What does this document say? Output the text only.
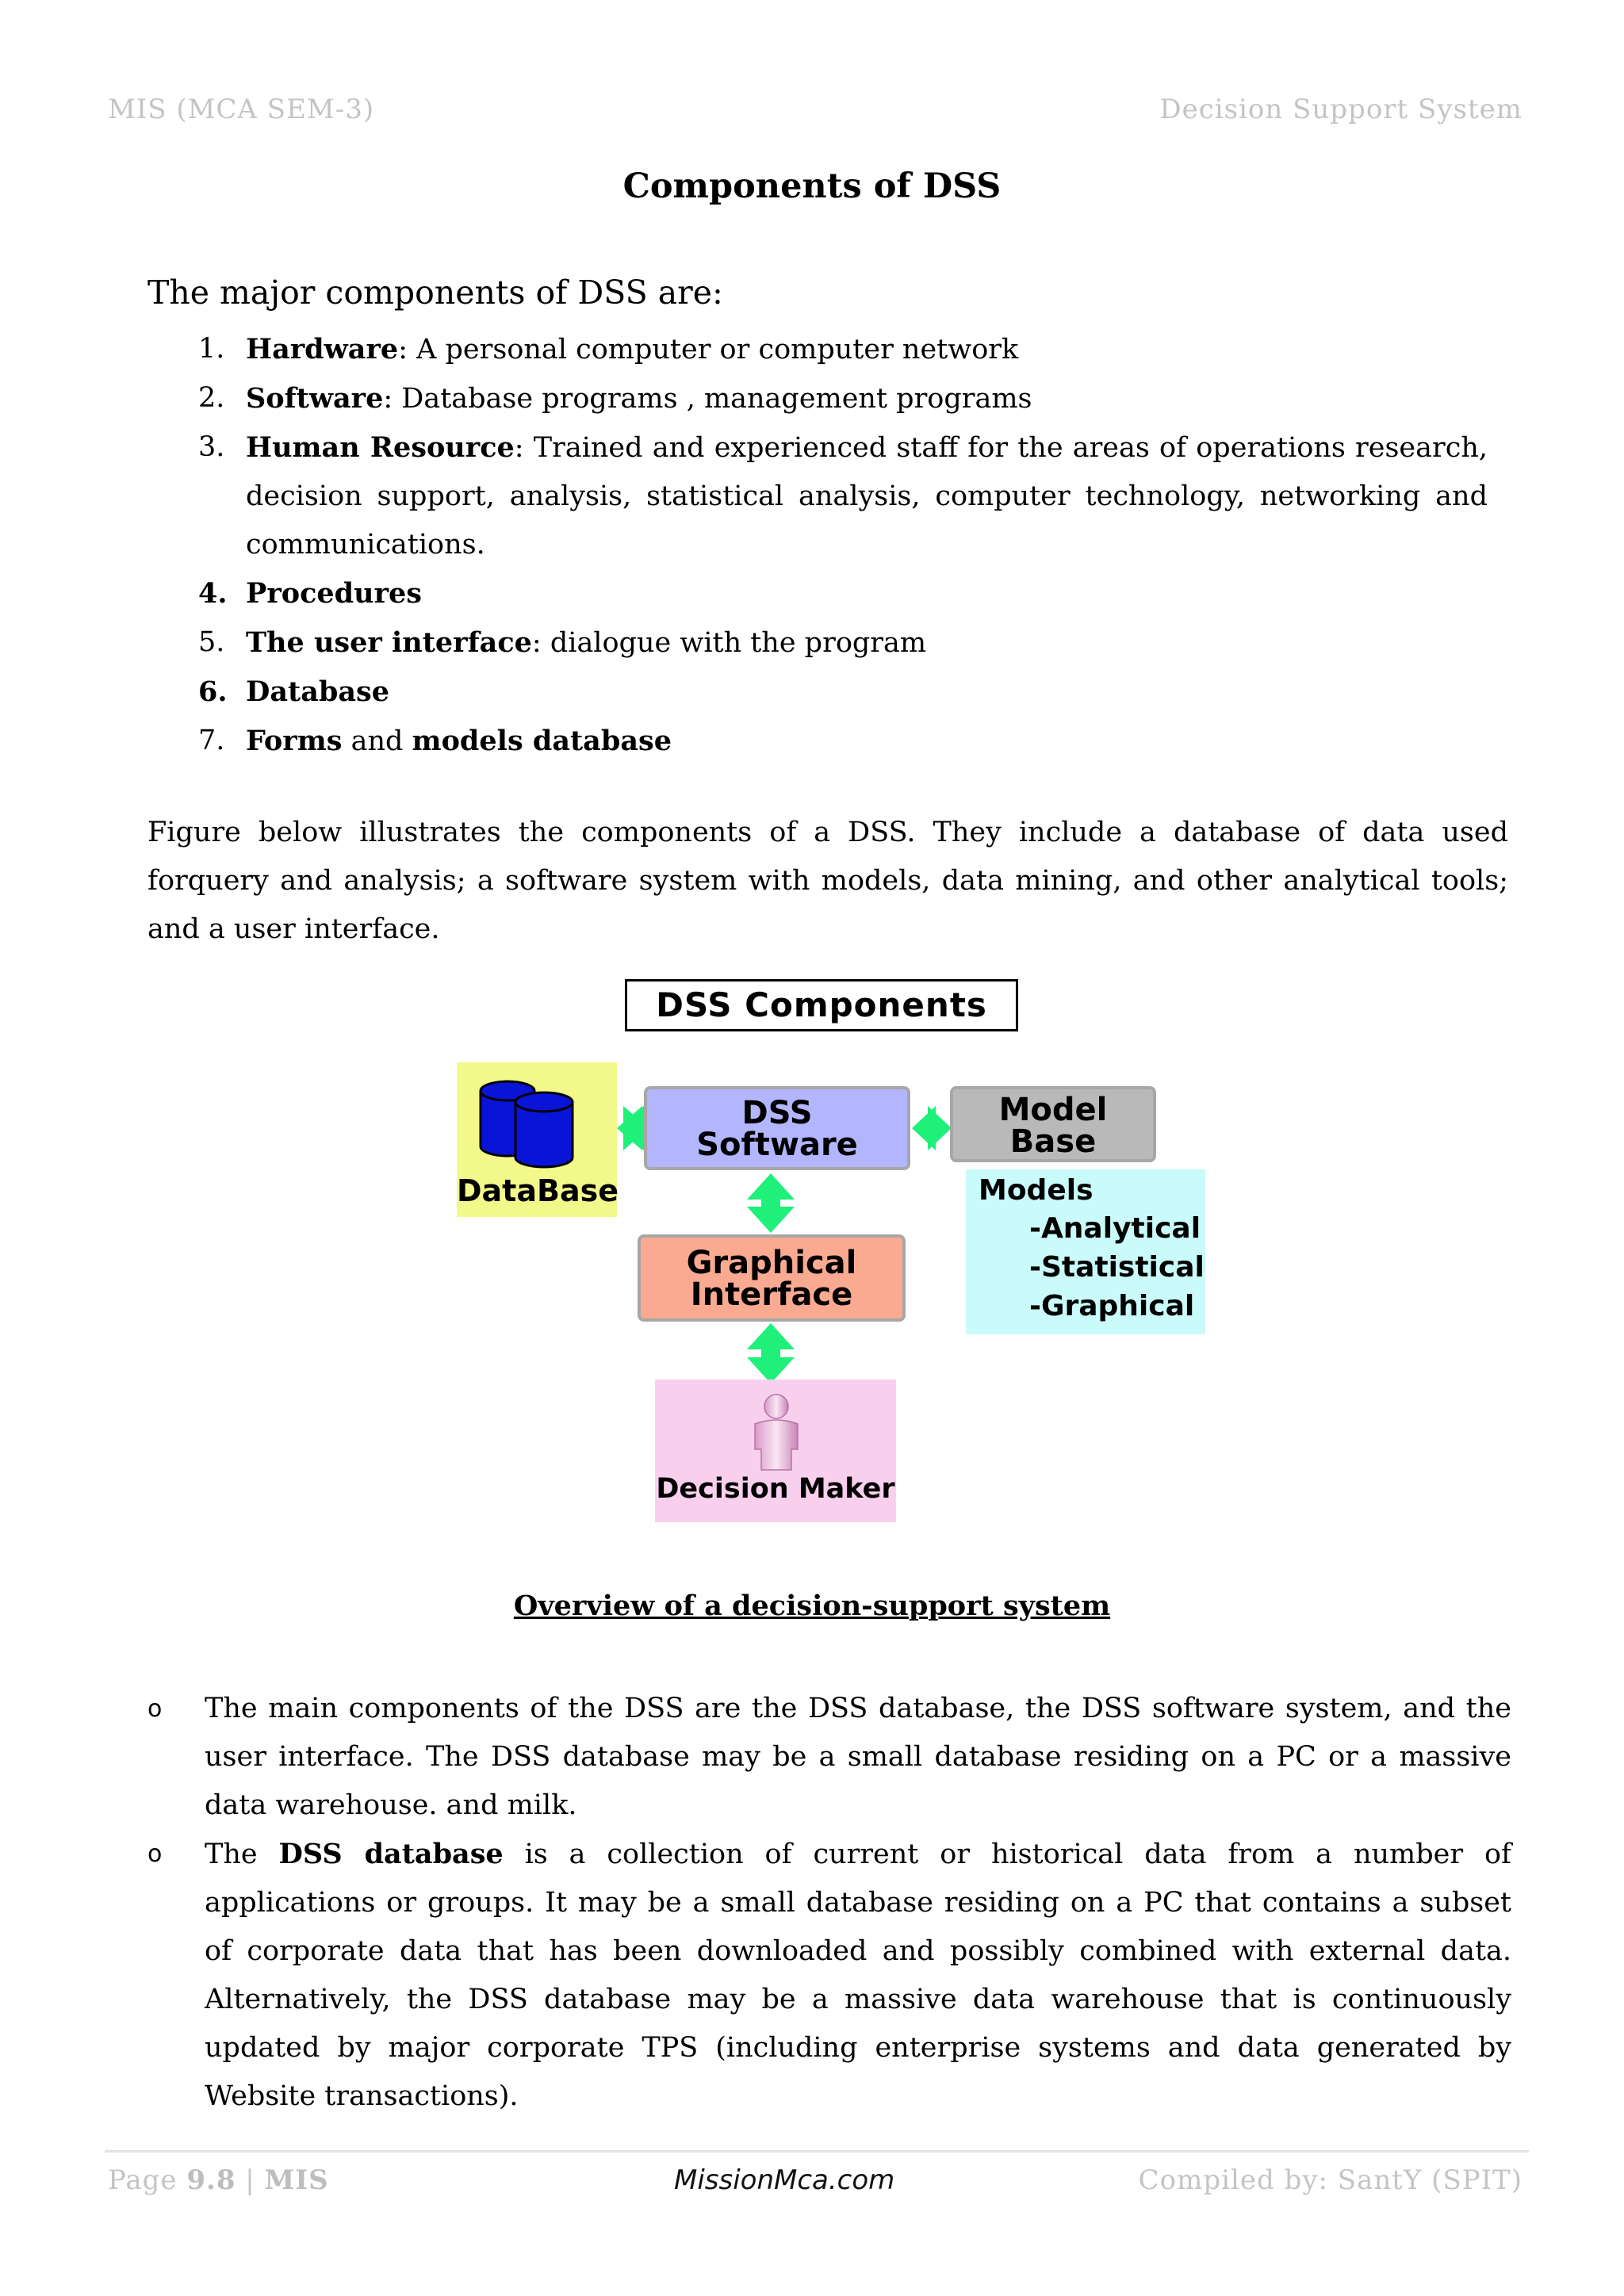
MIS (MCA SEM-3)	Decision Support System
Components of DSS
The major components of DSS are:
1. Hardware: A personal computer or computer network
2. Software: Database programs , management programs
3. Human Resource: Trained and experienced staff for the areas of operations research, decision support, analysis, statistical analysis, computer technology, networking and communications.
4. Procedures
5. The user interface: dialogue with the program
6. Database
7. Forms and models database
Figure below illustrates the components of a DSS. They include a database of data used forquery and analysis; a software system with models, data mining, and other analytical tools; and a user interface.
DSS Components
DataBase
DSS
Software
Model
Base
Models
-Analytical
-Statistical
-Graphical
Graphical
Interface
Decision Maker
Overview of a decision-support system
o The main components of the DSS are the DSS database, the DSS software system, and the user interface. The DSS database may be a small database residing on a PC or a massive data warehouse. and milk.
o The DSS database is a collection of current or historical data from a number of applications or groups. It may be a small database residing on a PC that contains a subset of corporate data that has been downloaded and possibly combined with external data. Alternatively, the DSS database may be a massive data warehouse that is continuously updated by major corporate TPS (including enterprise systems and data generated by Website transactions).
Page 9.8 | MIS	MissionMca.com	Compiled by: SantY (SPIT)
